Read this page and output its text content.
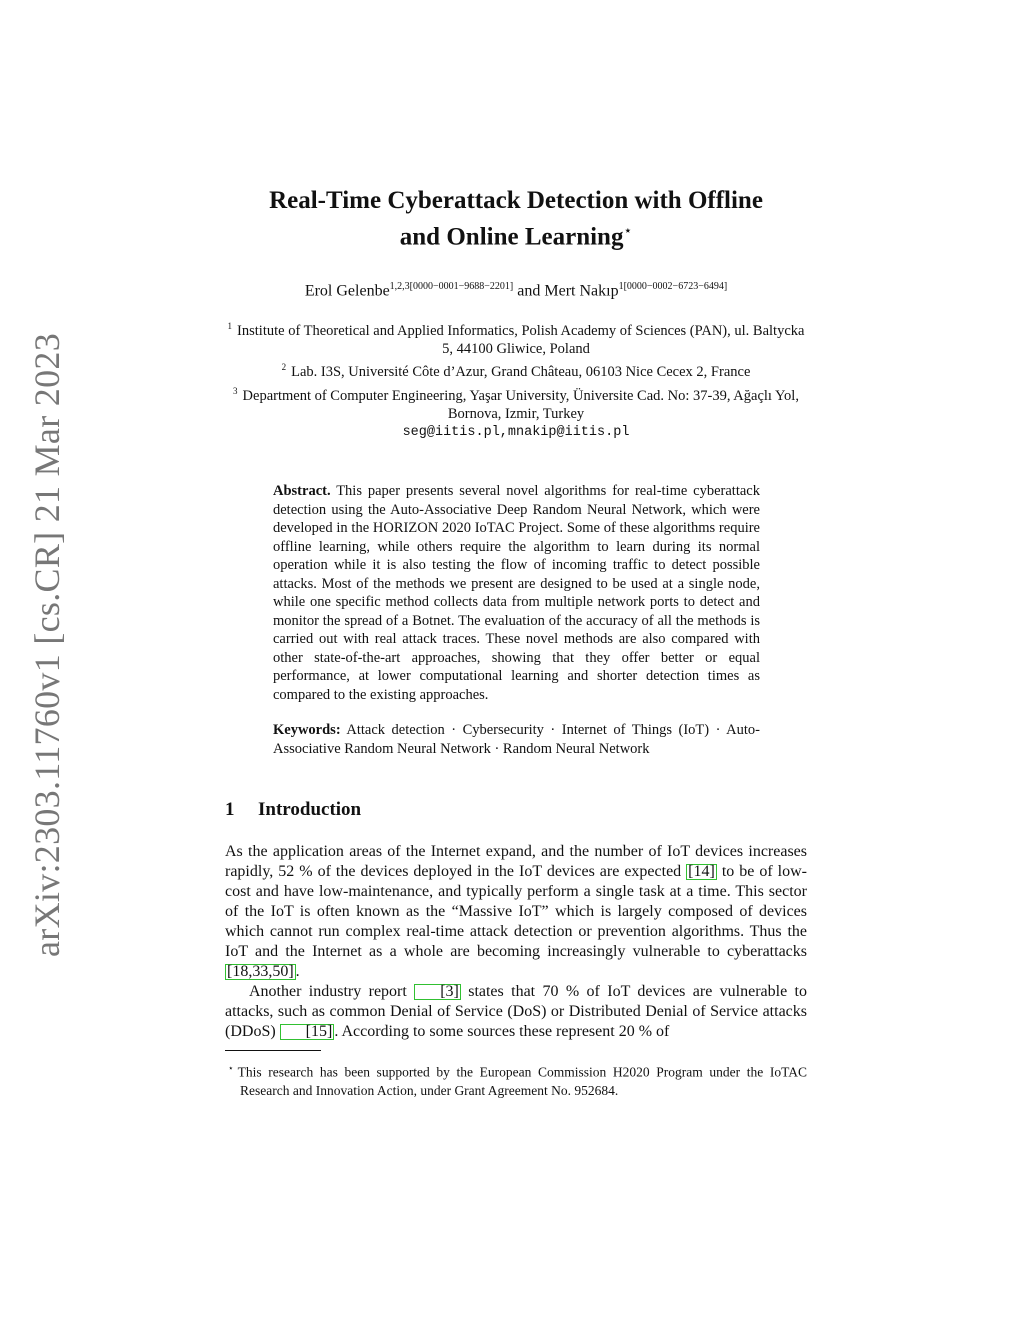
arXiv:2303.11760v1 [cs.CR] 21 Mar 2023
Real-Time Cyberattack Detection with Offline
and Online Learning⋆
Erol Gelenbe$^{1,2,3[0000-0001-9688-2201]}$ and Mert Nakıp$^{1[0000-0002-6723-6494]}$
$^1$ Institute of Theoretical and Applied Informatics, Polish Academy of Sciences (PAN), ul. Baltycka 5, 44100 Gliwice, Poland
$^2$ Lab. I3S, Université Côte d’Azur, Grand Château, 06103 Nice Cecex 2, France
$^3$ Department of Computer Engineering, Yaşar University, Üniversite Cad. No: 37-39, Ağaçlı Yol, Bornova, Izmir, Turkey
seg@iitis.pl,mnakip@iitis.pl
Abstract. This paper presents several novel algorithms for real-time cyberattack detection using the Auto-Associative Deep Random Neural Network, which were developed in the HORIZON 2020 IoTAC Project. Some of these algorithms require offline learning, while others require the algorithm to learn during its normal operation while it is also testing the flow of incoming traffic to detect possible attacks. Most of the methods we present are designed to be used at a single node, while one specific method collects data from multiple network ports to detect and monitor the spread of a Botnet. The evaluation of the accuracy of all the methods is carried out with real attack traces. These novel methods are also compared with other state-of-the-art approaches, showing that they offer better or equal performance, at lower computational learning and shorter detection times as compared to the existing approaches.
Keywords: Attack detection · Cybersecurity · Internet of Things (IoT) · Auto-Associative Random Neural Network · Random Neural Network
1 Introduction

As the application areas of the Internet expand, and the number of IoT devices increases rapidly, 52 % of the devices deployed in the IoT devices are expected [14] to be of low-cost and have low-maintenance, and typically perform a single task at a time. This sector of the IoT is often known as the “Massive IoT” which is largely composed of devices which cannot run complex real-time attack detection or prevention algorithms. Thus the IoT and the Internet as a whole are becoming increasingly vulnerable to cyberattacks [18,33,50] .

Another industry report [3] states that 70 % of IoT devices are vulnerable to attacks, such as common Denial of Service (DoS) or Distributed Denial of Service attacks (DDoS) [15] . According to some sources these represent 20 % of

⋆ This research has been supported by the European Commission H2020 Program under the IoTAC Research and Innovation Action, under Grant Agreement No. 952684.
